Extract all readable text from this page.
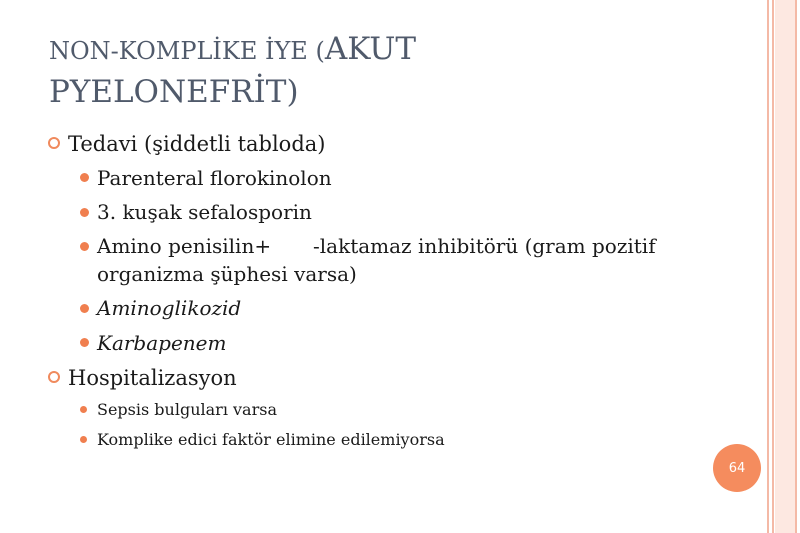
NON-KOMPLİKE İYE (AKUT
PYELONEFRİT)
Tedavi (şiddetli tabloda)
Parenteral florokinolon
3. kuşak sefalosporin
Amino penisilin+ -laktamaz inhibitörü (gram pozitif
organizma şüphesi varsa)
Aminoglikozid
Karbapenem
Hospitalizasyon
Sepsis bulguları varsa
Komplike edici faktör elimine edilemiyorsa
64
